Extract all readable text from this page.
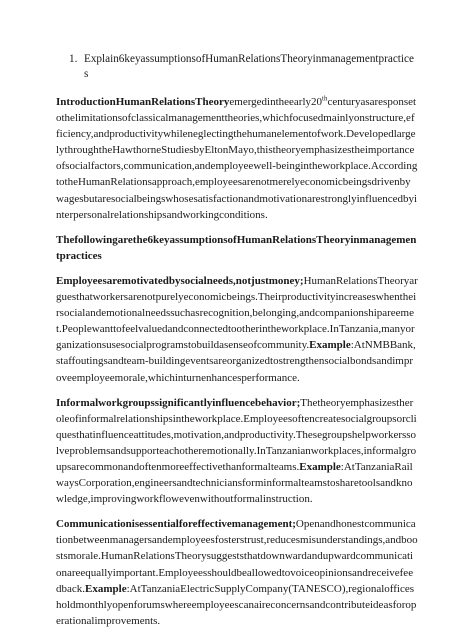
1. Explain6keyassumptionsofHumanRelationsTheoryinmanagementpractices

IntroductionHumanRelationsTheoryemergedintheearly20thcenturyasaresponsetothelimitationsofclassicalmanagementtheories,whichfocusedmainlyonstructure,efficiency,andproductivitywhileneglectingthehumanelementofwork.DevelopedlargelythroughtheHawthorneStudiesbyEltonMayo,thistheoryemphasizestheimportanceofsocialfactors,communication,andemployeewell-beingintheworkplace.AccordingtotheHumanRelationsapproach,employeesarenotmerelyeconomicbeingsdrivenbywagesbutaresocialbeingswhosesatisfactionandmotivationarestronglyinfluencedbyinterpersonalrelationshipsandworkingconditions.

Thefollowingarethe6keyassumptionsofHumanRelationsTheoryinmanagementpractices

Employeesaremotivatedbysocialneeds,notjustmoney;HumanRelationsTheoryarguesthatworkersarenotpurelyeconomicbeings.Theirproductivityincreaseswhentheirsocialandemotionalneedssuchasrecognition,belonging,andcompanionshipareemet.Peoplewanttofeelvaluedandconnectedtootherintheworkplace.InTanzania,manyorganizationsusesocialprogramstobuildasenseofcommunity.Example:AtNMBBank,staffoutingsandteam-buildingeventsareorganizedtostrengthensocialbondsandimproveemployeemorale,whichinturnenhancesperformance.

Informalworkgroupssignificantlyinfluencebehavior;Thetheoryemphasizestheroleofinformalrelationshipsintheworkplace.Employeesoftencreatesocialgroupsorcliquesthatinfluenceattitudes,motivation,andproductivity.Thesegroupshelpworkerssolveproblemsandsupporteachotheremotionally.InTanzanianworkplaces,informalgroupsarecommonandoftenmoreeffectivethanformalteams.Example:AtTanzaniaRailwaysCorporation,engineersandtechniciansforminformalteamstosharetoolsandknowledge,improvingworkflowevenwithoutformalinstruction.

Communicationisessentialforeffectivemanagement;Openandhonestcommunicationbetweenmanagersandemployeesfosterstrust,reducesmisunderstandings,andboostsmorale.HumanRelationsTheorysuggeststhatdownwardandupwardcommunicationareequallyimportant.Employeesshouldbeallowedtovoiceopinionsandreceivefeedback.Example:AtTanzaniaElectricSupplyCompany(TANESCO),regionalofficesholdmonthlyopenforumswhereemployeescanaireconcernsandcontributeideasforoperationalimprovements.
